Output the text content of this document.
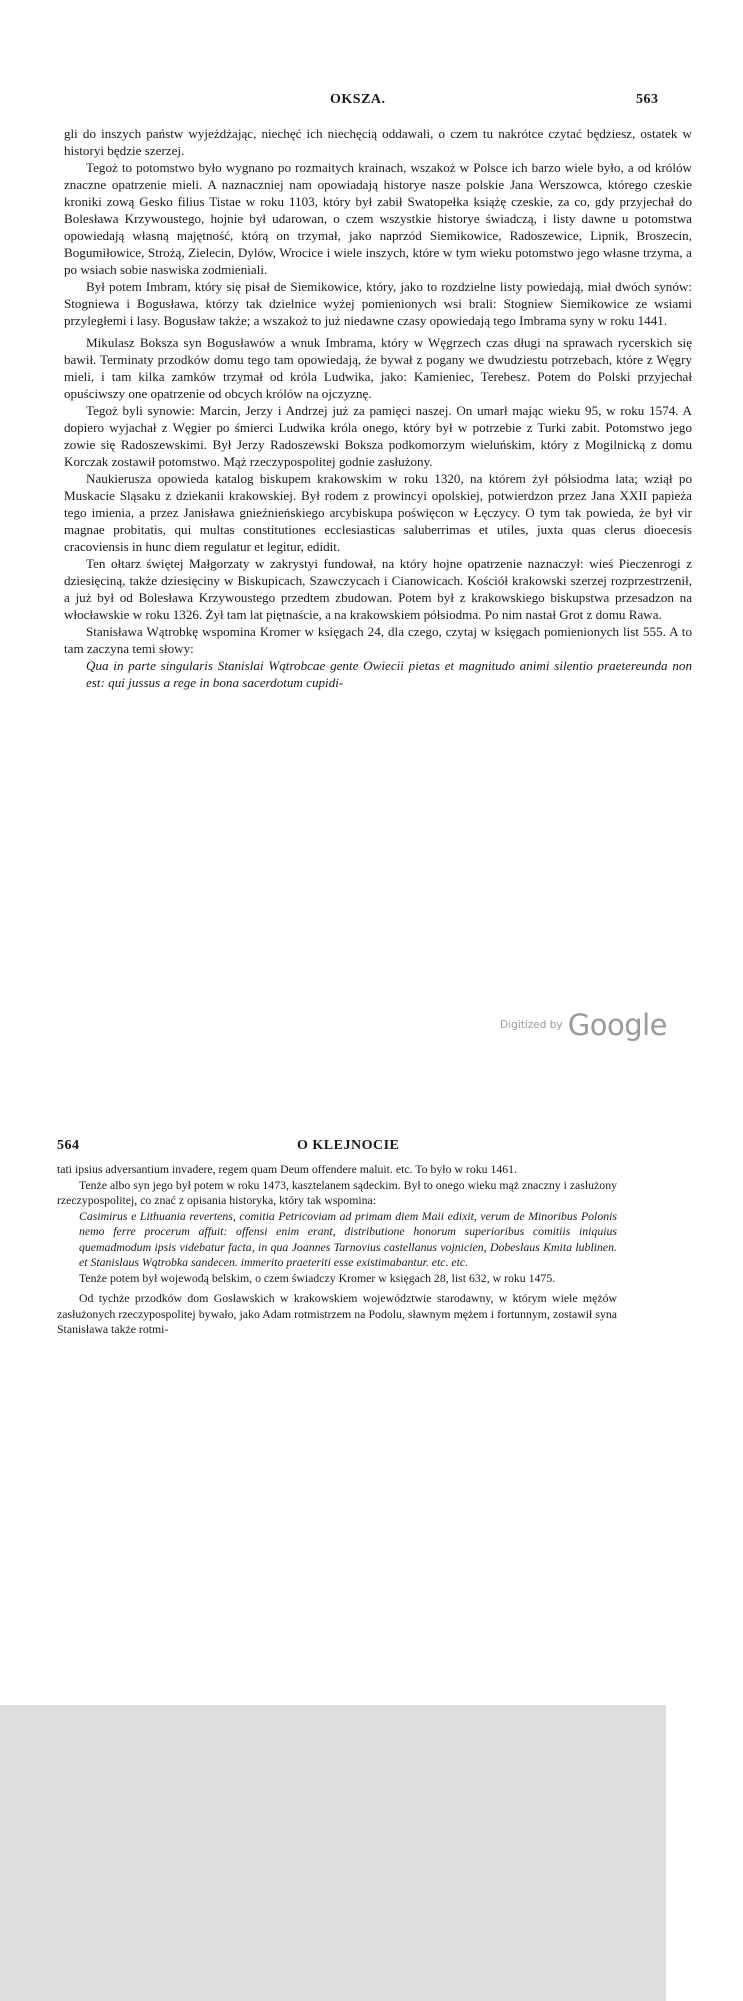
OKSZA.	563

gli do inszych państw wyjeżdżając, niechęć ich niechęcią oddawali, o czem tu nakrótce czytać będziesz, ostatek w historyi będzie szerzej.

Tegoż to potomstwo było wygnano po rozmaitych krainach, wszakoż w Polsce ich barzo wiele było, a od królów znaczne opatrzenie mieli. A naznaczniej nam opowiadają historye nasze polskie Jana Werszowca, którego czeskie kroniki zową Gesko filius Tistae w roku 1103, który był zabił Swatopełka książę czeskie, za co, gdy przyjechał do Bolesława Krzywoustego, hojnie był udarowan, o czem wszystkie historye świadczą, i listy dawne u potomstwa opowiedają własną majętność, którą on trzymał, jako naprzód Siemikowice, Radoszewice, Lipnik, Broszecin, Bogumiłowice, Strożą, Zielecin, Dylów, Wrocice i wiele inszych, które w tym wieku potomstwo jego własne trzyma, a po wsiach sobie naswiska zodmieniali.

Był potem Imbram, który się pisał de Siemikowice, który, jako to rozdzielne listy powiedają, miał dwóch synów: Stogniewa i Bogusława, którzy tak dzielnice wyżej pomienionych wsi brali: Stogniew Siemikowice ze wsiami przyległemi i lasy. Bogusław także; a wszakoż to już niedawne czasy opowiedają tego Imbrama syny w roku 1441.

Mikulasz Boksza syn Bogusławów a wnuk Imbrama, który w Węgrzech czas długi na sprawach rycerskich się bawił. Terminaty przodków domu tego tam opowiedają, że bywał z pogany we dwudziestu potrzebach, które z Węgry mieli, i tam kilka zamków trzymał od króla Ludwika, jako: Kamieniec, Terebesz. Potem do Polski przyjechał opuściwszy one opatrzenie od obcych królów na ojczyznę.

Tegoż byli synowie: Marcin, Jerzy i Andrzej już za pamięci naszej. On umarł mając wieku 95, w roku 1574. A dopiero wyjachał z Węgier po śmierci Ludwika króla onego, który był w potrzebie z Turki zabit. Potomstwo jego zowie się Radoszewskimi. Był Jerzy Radoszewski Boksza podkomorzym wieluńskim, który z Mogilnicką z domu Korczak zostawił potomstwo. Mąż rzeczypospolitej godnie zasłużony.

Naukieruszа opowieda katalog biskupem krakowskim w roku 1320, na którem żył półsiodma lata; wziął po Muskacie Sląsaku z dziekanii krakowskiej. Był rodem z prowincyi opolskiej, potwierdzon przez Jana XXII papieża tego imienia, a przez Janisława gnieźnieńskiego arcybiskupa poświęcon w Łęczycy. O tym tak powieda, że był vir magnae probitatis, qui multas constitutiones ecclesiasticas saluberrimas et utiles, juxta quas clerus dioecesis cracoviensis in hunc diem regulatur et legitur, edidit.

Ten ołtarz świętej Małgorzaty w zakrystyi fundował, na który hojne opatrzenie naznaczył: wieś Pieczenrogi z dziesięciną, także dziesięciny w Biskupicach, Szawczycach i Cianowicach. Kościół krakowski szerzej rozprzestrzenił, a już był od Bolesława Krzywoustego przedtem zbudowan. Potem był z krakowskiego biskupstwa przesadzon na włocławskie w roku 1326. Żył tam lat piętnaście, a na krakowskiem półsiodma. Po nim nastał Grot z domu Rawa.

Stanisława Wątrobkę wspomina Kromer w księgach 24, dla czego, czytaj w księgach pomienionych list 555. A to tam zaczyna temi słowy:

Qua in parte singularis Stanislai Wątrobcae gente Owiecii pietas et magnitudo animi silentio praetereunda non est: qui jussus a rege in bona sacerdotum cupidi-

Digitized by Google
564	O KLEJNOCIE

tati ipsius adversantium invadere, regem quam Deum offendere maluit. etc. To było w roku 1461.

Tenże albo syn jego był potem w roku 1473, kasztelanem sądeckim. Był to onego wieku mąż znaczny i zasłużony rzeczypospolitej, co znać z opisania historyka, który tak wspomina:

Casimirus e Lithuania revertens, comitia Petricoviam ad primam diem Maii edixit, verum de Minoribus Polonis nemo ferre procerum affuit: offensi enim erant, distributione honorum superioribus comitiis iniquius quemadmodum ipsis videbatur facta, in qua Joannes Tarnovius castellanus vojnicien, Dobeslaus Kmita lublinen. et Stanislaus Wątrobka sandecen. immerito praeteriti esse existimabantur. etc. etc.

Tenże potem był wojewodą belskim, o czem świadczy Kromer w księgach 28, list 632, w roku 1475.

Od tychże przodków dom Gosławskich w krakowskiem województwie starodawny, w którym wiele mężów zasłużonych rzeczypospolitej bywało, jako Adam rotmistrzem na Podolu, sławnym mężem i fortunnym, zostawił syna Stanisława także rotmi-
